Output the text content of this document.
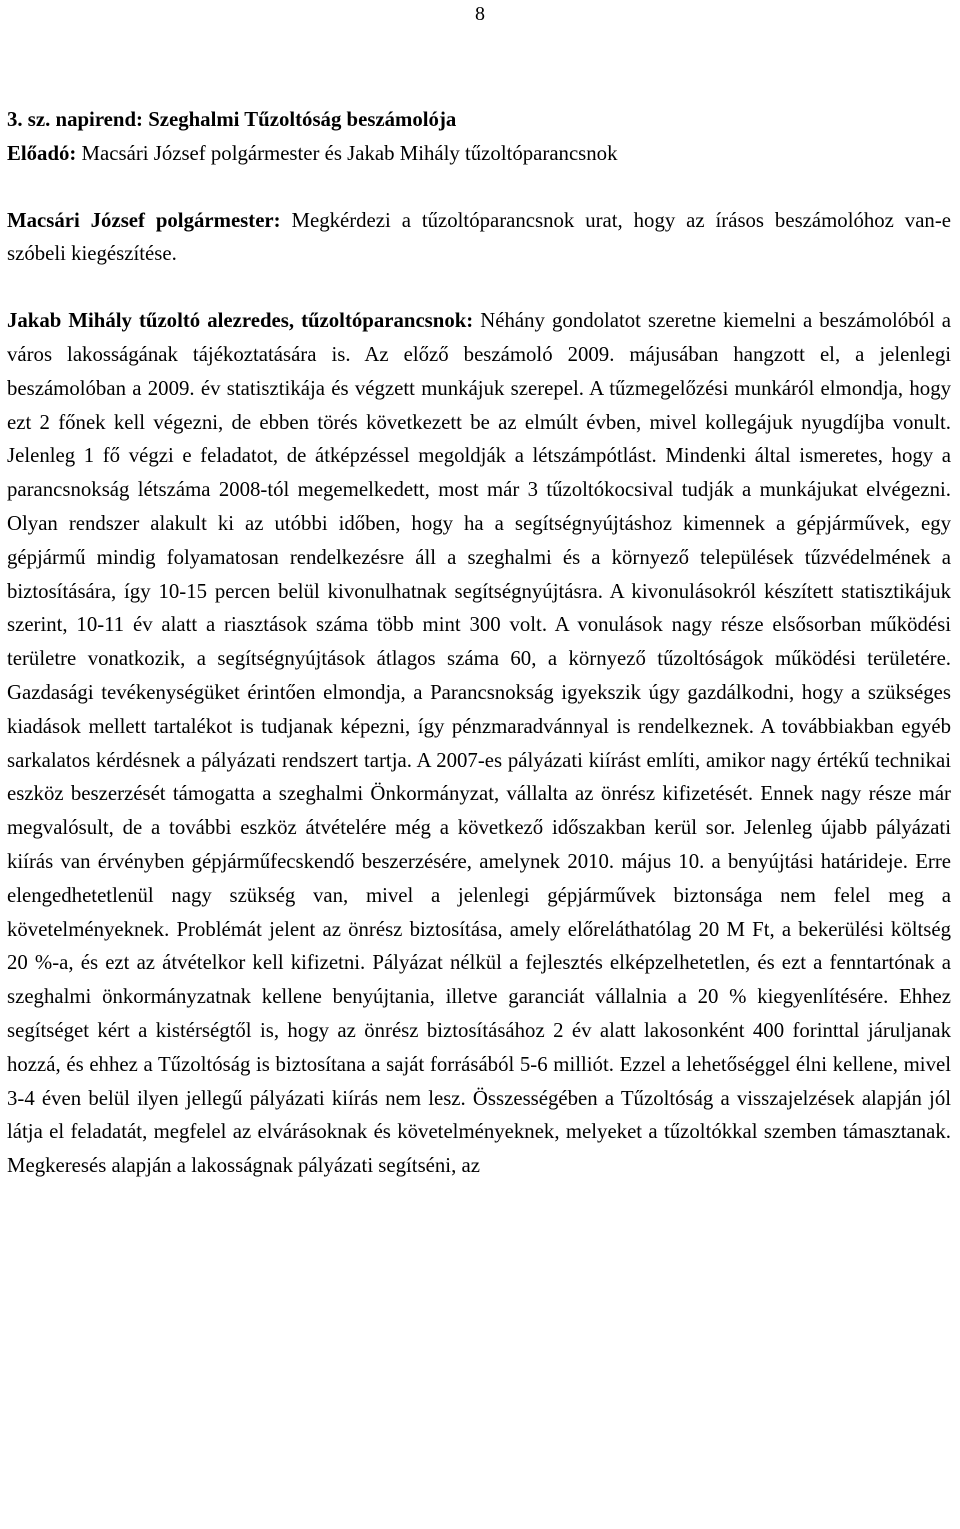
8

3. sz. napirend: Szeghalmi Tűzoltóság beszámolója

Előadó: Macsári József polgármester és Jakab Mihály tűzoltóparancsnok

Macsári József polgármester: Megkérdezi a tűzoltóparancsnok urat, hogy az írásos beszámolóhoz van-e szóbeli kiegészítése.

Jakab Mihály tűzoltó alezredes, tűzoltóparancsnok: Néhány gondolatot szeretne kiemelni a beszámolóból a város lakosságának tájékoztatására is. Az előző beszámoló 2009. májusában hangzott el, a jelenlegi beszámolóban a 2009. év statisztikája és végzett munkájuk szerepel. A tűzmegelőzési munkáról elmondja, hogy ezt 2 főnek kell végezni, de ebben törés következett be az elmúlt évben, mivel kollegájuk nyugdíjba vonult. Jelenleg 1 fő végzi e feladatot, de átképzéssel megoldják a létszámpótlást. Mindenki által ismeretes, hogy a parancsnokság létszáma 2008-tól megemelkedett, most már 3 tűzoltókocsival tudják a munkájukat elvégezni. Olyan rendszer alakult ki az utóbbi időben, hogy ha a segítségnyújtáshoz kimennek a gépjárművek, egy gépjármű mindig folyamatosan rendelkezésre áll a szeghalmi és a környező települések tűzvédelmének a biztosítására, így 10-15 percen belül kivonulhatnak segítségnyújtásra. A kivonulásokról készített statisztikájuk szerint, 10-11 év alatt a riasztások száma több mint 300 volt. A vonulások nagy része elsősorban működési területre vonatkozik, a segítségnyújtások átlagos száma 60, a környező tűzoltóságok működési területére. Gazdasági tevékenységüket érintően elmondja, a Parancsnokság igyekszik úgy gazdálkodni, hogy a szükséges kiadások mellett tartalékot is tudjanak képezni, így pénzmaradvánnyal is rendelkeznek. A továbbiakban egyéb sarkalatos kérdésnek a pályázati rendszert tartja. A 2007-es pályázati kiírást említi, amikor nagy értékű technikai eszköz beszerzését támogatta a szeghalmi Önkormányzat, vállalta az önrész kifizetését. Ennek nagy része már megvalósult, de a további eszköz átvételére még a következő időszakban kerül sor. Jelenleg újabb pályázati kiírás van érvényben gépjárműfecskendő beszerzésére, amelynek 2010. május 10. a benyújtási határideje. Erre elengedhetetlenül nagy szükség van, mivel a jelenlegi gépjárművek biztonsága nem felel meg a követelményeknek. Problémát jelent az önrész biztosítása, amely előreláthatólag 20 M Ft, a bekerülési költség 20 %-a, és ezt az átvételkor kell kifizetni. Pályázat nélkül a fejlesztés elképzelhetetlen, és ezt a fenntartónak a szeghalmi önkormányzatnak kellene benyújtania, illetve garanciát vállalnia a 20 % kiegyenlítésére. Ehhez segítséget kért a kistérségtől is, hogy az önrész biztosításához 2 év alatt lakosonként 400 forinttal járuljanak hozzá, és ehhez a Tűzoltóság is biztosítana a saját forrásából 5-6 milliót. Ezzel a lehetőséggel élni kellene, mivel 3-4 éven belül ilyen jellegű pályázati kiírás nem lesz. Összességében a Tűzoltóság a visszajelzések alapján jól látja el feladatát, megfelel az elvárásoknak és követelményeknek, melyeket a tűzoltókkal szemben támasztanak. Megkeresés alapján a lakosságnak pályázati segítséni, az
